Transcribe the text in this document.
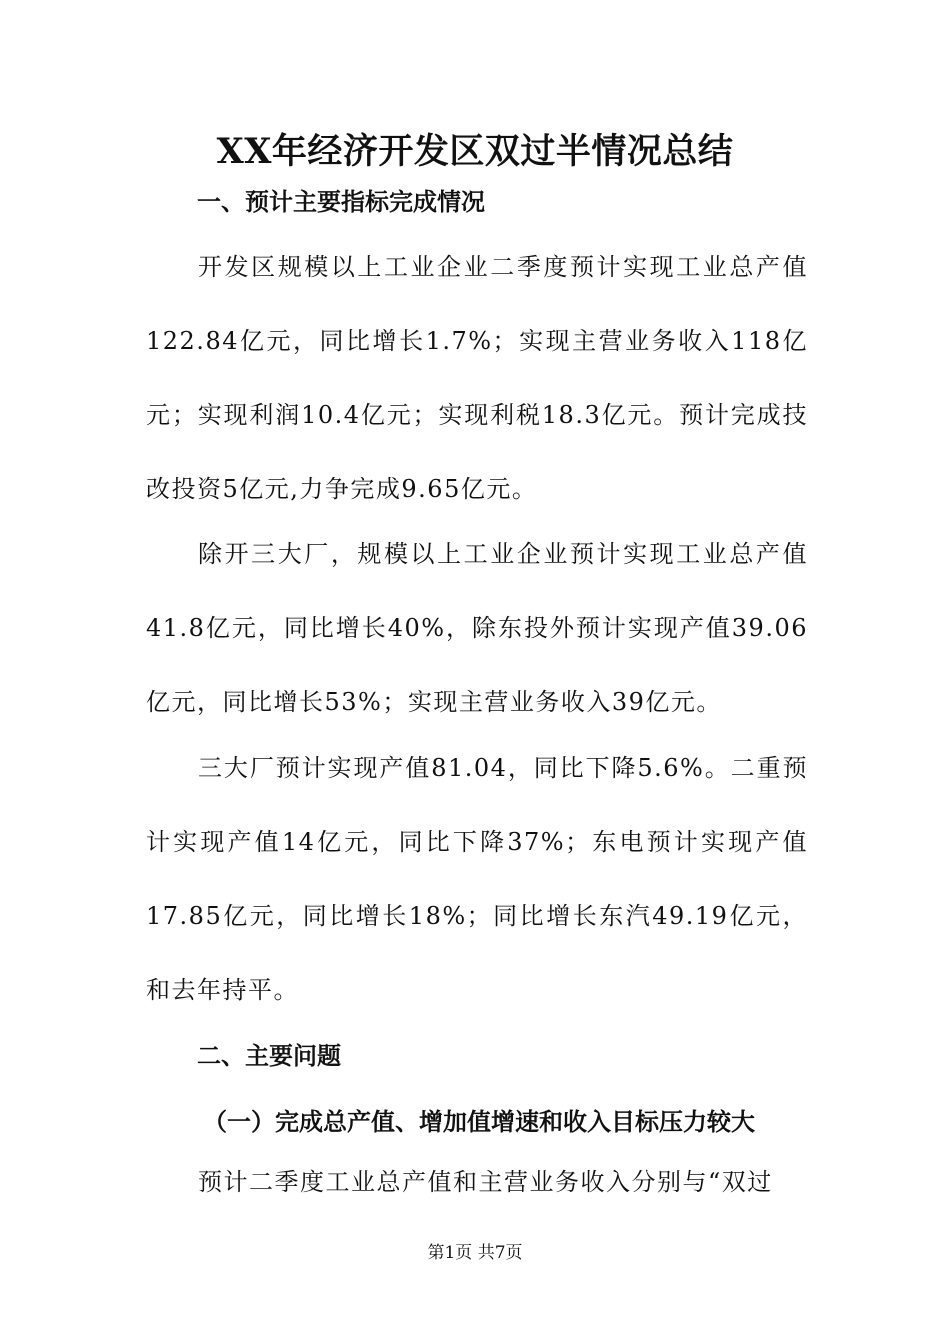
XX年经济开发区双过半情况总结
一、预计主要指标完成情况

开发区规模以上工业企业二季度预计实现工业总产值122.84亿元，同比增长1.7%；实现主营业务收入118亿元；实现利润10.4亿元；实现利税18.3亿元。预计完成技改投资5亿元,力争完成9.65亿元。

除开三大厂，规模以上工业企业预计实现工业总产值41.8亿元，同比增长40%，除东投外预计实现产值39.06亿元，同比增长53%；实现主营业务收入39亿元。

三大厂预计实现产值81.04，同比下降5.6%。二重预计实现产值14亿元，同比下降37%；东电预计实现产值17.85亿元，同比增长18%；同比增长东汽49.19亿元，和去年持平。

二、主要问题
（一）完成总产值、增加值增速和收入目标压力较大

预计二季度工业总产值和主营业务收入分别与“双过

第1页 共7页
